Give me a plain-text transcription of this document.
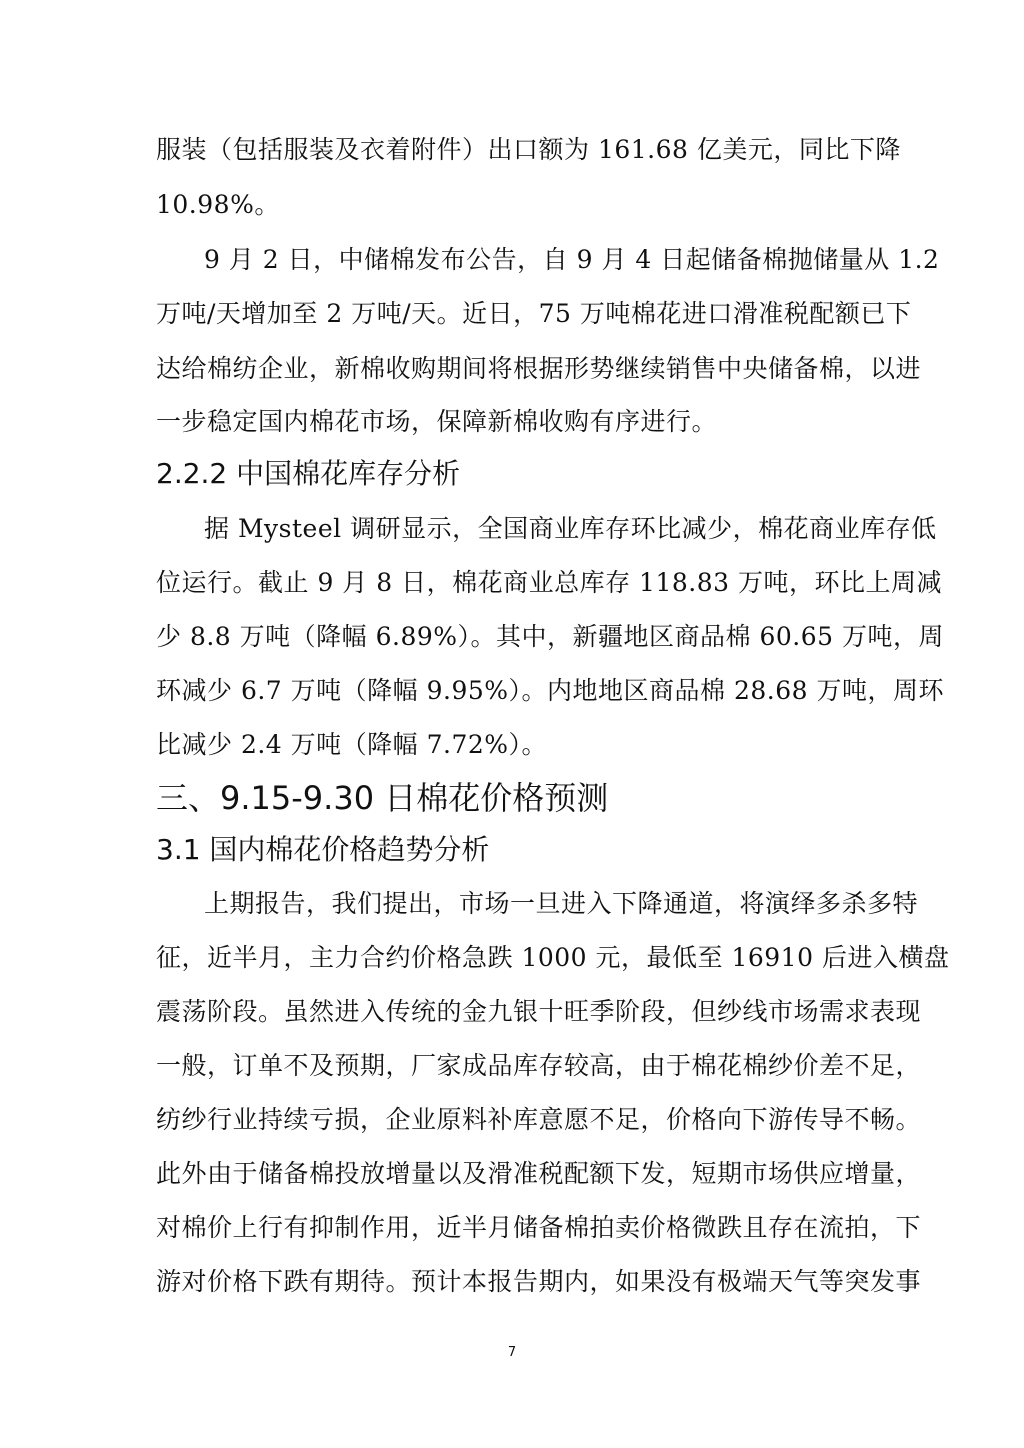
服装（包括服装及衣着附件）出口额为 161.68 亿美元，同比下降
10.98%。
9 月 2 日，中储棉发布公告，自 9 月 4 日起储备棉抛储量从 1.2
万吨/天增加至 2 万吨/天。近日，75 万吨棉花进口滑准税配额已下
达给棉纺企业，新棉收购期间将根据形势继续销售中央储备棉，以进
一步稳定国内棉花市场，保障新棉收购有序进行。
2.2.2 中国棉花库存分析
据 Mysteel 调研显示，全国商业库存环比减少，棉花商业库存低
位运行。截止 9 月 8 日，棉花商业总库存 118.83 万吨，环比上周减
少 8.8 万吨（降幅 6.89%）。其中，新疆地区商品棉 60.65 万吨，周
环减少 6.7 万吨（降幅 9.95%）。内地地区商品棉 28.68 万吨，周环
比减少 2.4 万吨（降幅 7.72%）。
三、9.15-9.30 日棉花价格预测
3.1 国内棉花价格趋势分析
上期报告，我们提出，市场一旦进入下降通道，将演绎多杀多特
征，近半月，主力合约价格急跌 1000 元，最低至 16910 后进入横盘
震荡阶段。虽然进入传统的金九银十旺季阶段，但纱线市场需求表现
一般，订单不及预期，厂家成品库存较高，由于棉花棉纱价差不足，
纺纱行业持续亏损，企业原料补库意愿不足，价格向下游传导不畅。
此外由于储备棉投放增量以及滑准税配额下发，短期市场供应增量，
对棉价上行有抑制作用，近半月储备棉拍卖价格微跌且存在流拍，下
游对价格下跌有期待。预计本报告期内，如果没有极端天气等突发事
7
